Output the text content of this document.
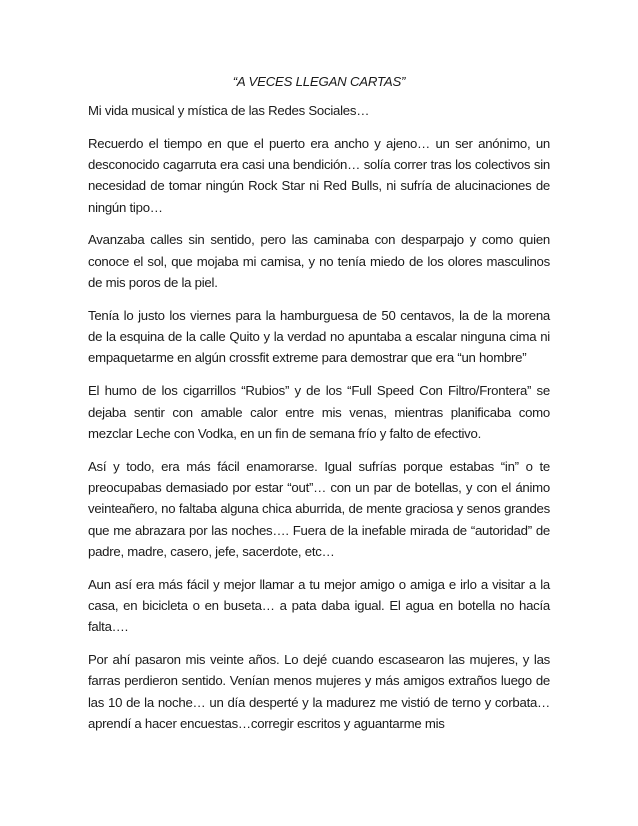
“A VECES LLEGAN CARTAS”

Mi vida musical y mística de las Redes Sociales…

Recuerdo el tiempo en que el puerto era ancho y ajeno… un ser anónimo, un desconocido cagarruta era casi una bendición… solía correr tras los colectivos sin necesidad de tomar ningún Rock Star ni Red Bulls, ni sufría de alucinaciones de ningún tipo…

Avanzaba calles sin sentido, pero las caminaba con desparpajo y como quien conoce el sol, que mojaba mi camisa, y no tenía miedo de los olores masculinos de mis poros de la piel.

Tenía lo justo los viernes para la hamburguesa de 50 centavos, la de la morena de la esquina de la calle Quito y la verdad no apuntaba a escalar ninguna cima ni empaquetarme en algún crossfit extreme para demostrar que era “un hombre”

El humo de los cigarrillos “Rubios” y de los “Full Speed Con Filtro/Frontera” se dejaba sentir con amable calor entre mis venas, mientras planificaba como mezclar Leche con Vodka, en un fin de semana frío y falto de efectivo.

Así y todo, era más fácil enamorarse. Igual sufrías porque estabas “in” o te preocupabas demasiado por estar “out”… con un par de botellas, y con el ánimo veinteañero, no faltaba alguna chica aburrida, de mente graciosa y senos grandes que me abrazara por las noches…. Fuera de la inefable mirada de “autoridad” de padre, madre, casero, jefe, sacerdote, etc…

Aun así era más fácil y mejor llamar a tu mejor amigo o amiga e irlo a visitar a la casa, en bicicleta o en buseta… a pata daba igual. El agua en botella no hacía falta….

Por ahí pasaron mis veinte años. Lo dejé cuando escasearon las mujeres, y las farras perdieron sentido. Venían menos mujeres y más amigos extraños luego de las 10 de la noche… un día desperté y la madurez me vistió de terno y corbata… aprendí a hacer encuestas…corregir escritos y aguantarme mis
